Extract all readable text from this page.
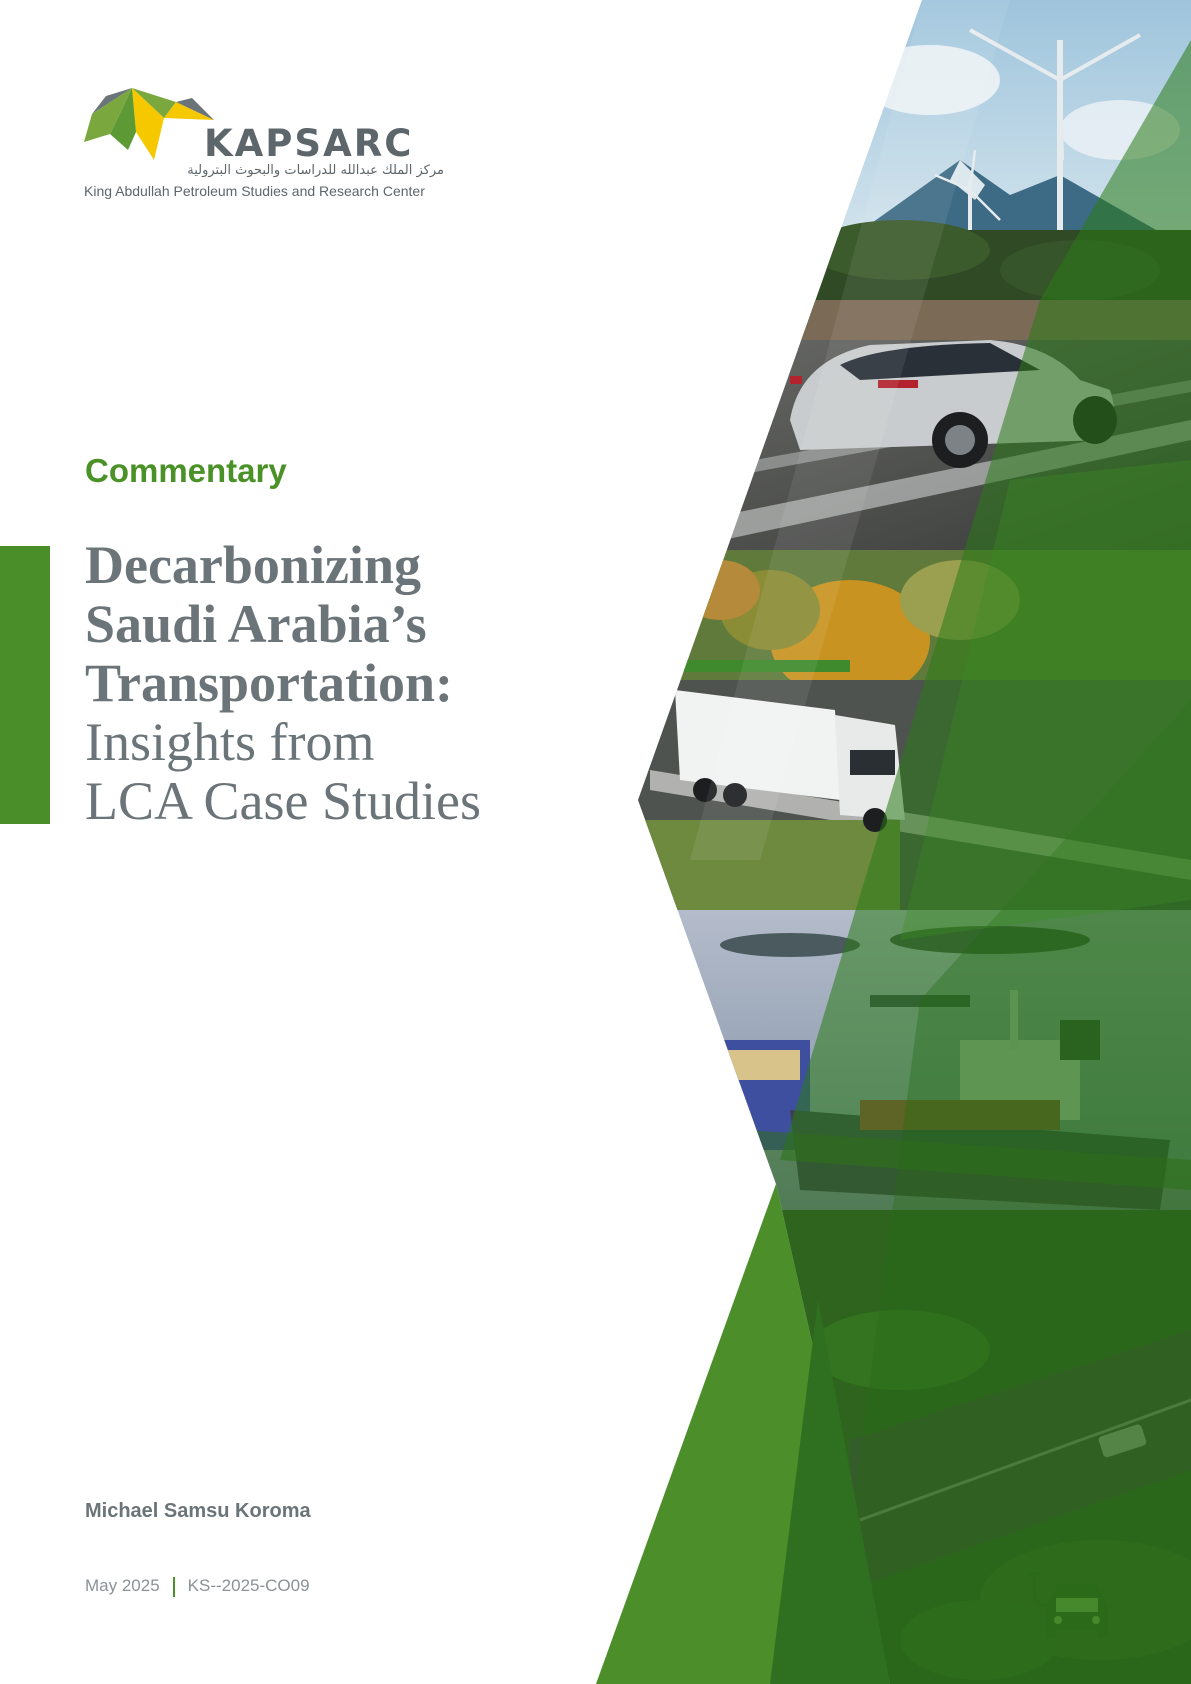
KAPSARC
مركز الملك عبدالله للدراسات والبحوث البترولية
King Abdullah Petroleum Studies and Research Center
Commentary
Decarbonizing
Saudi Arabia’s
Transportation:
Insights from
LCA Case Studies
Michael Samsu Koroma
May 2025 KS--2025-CO09
